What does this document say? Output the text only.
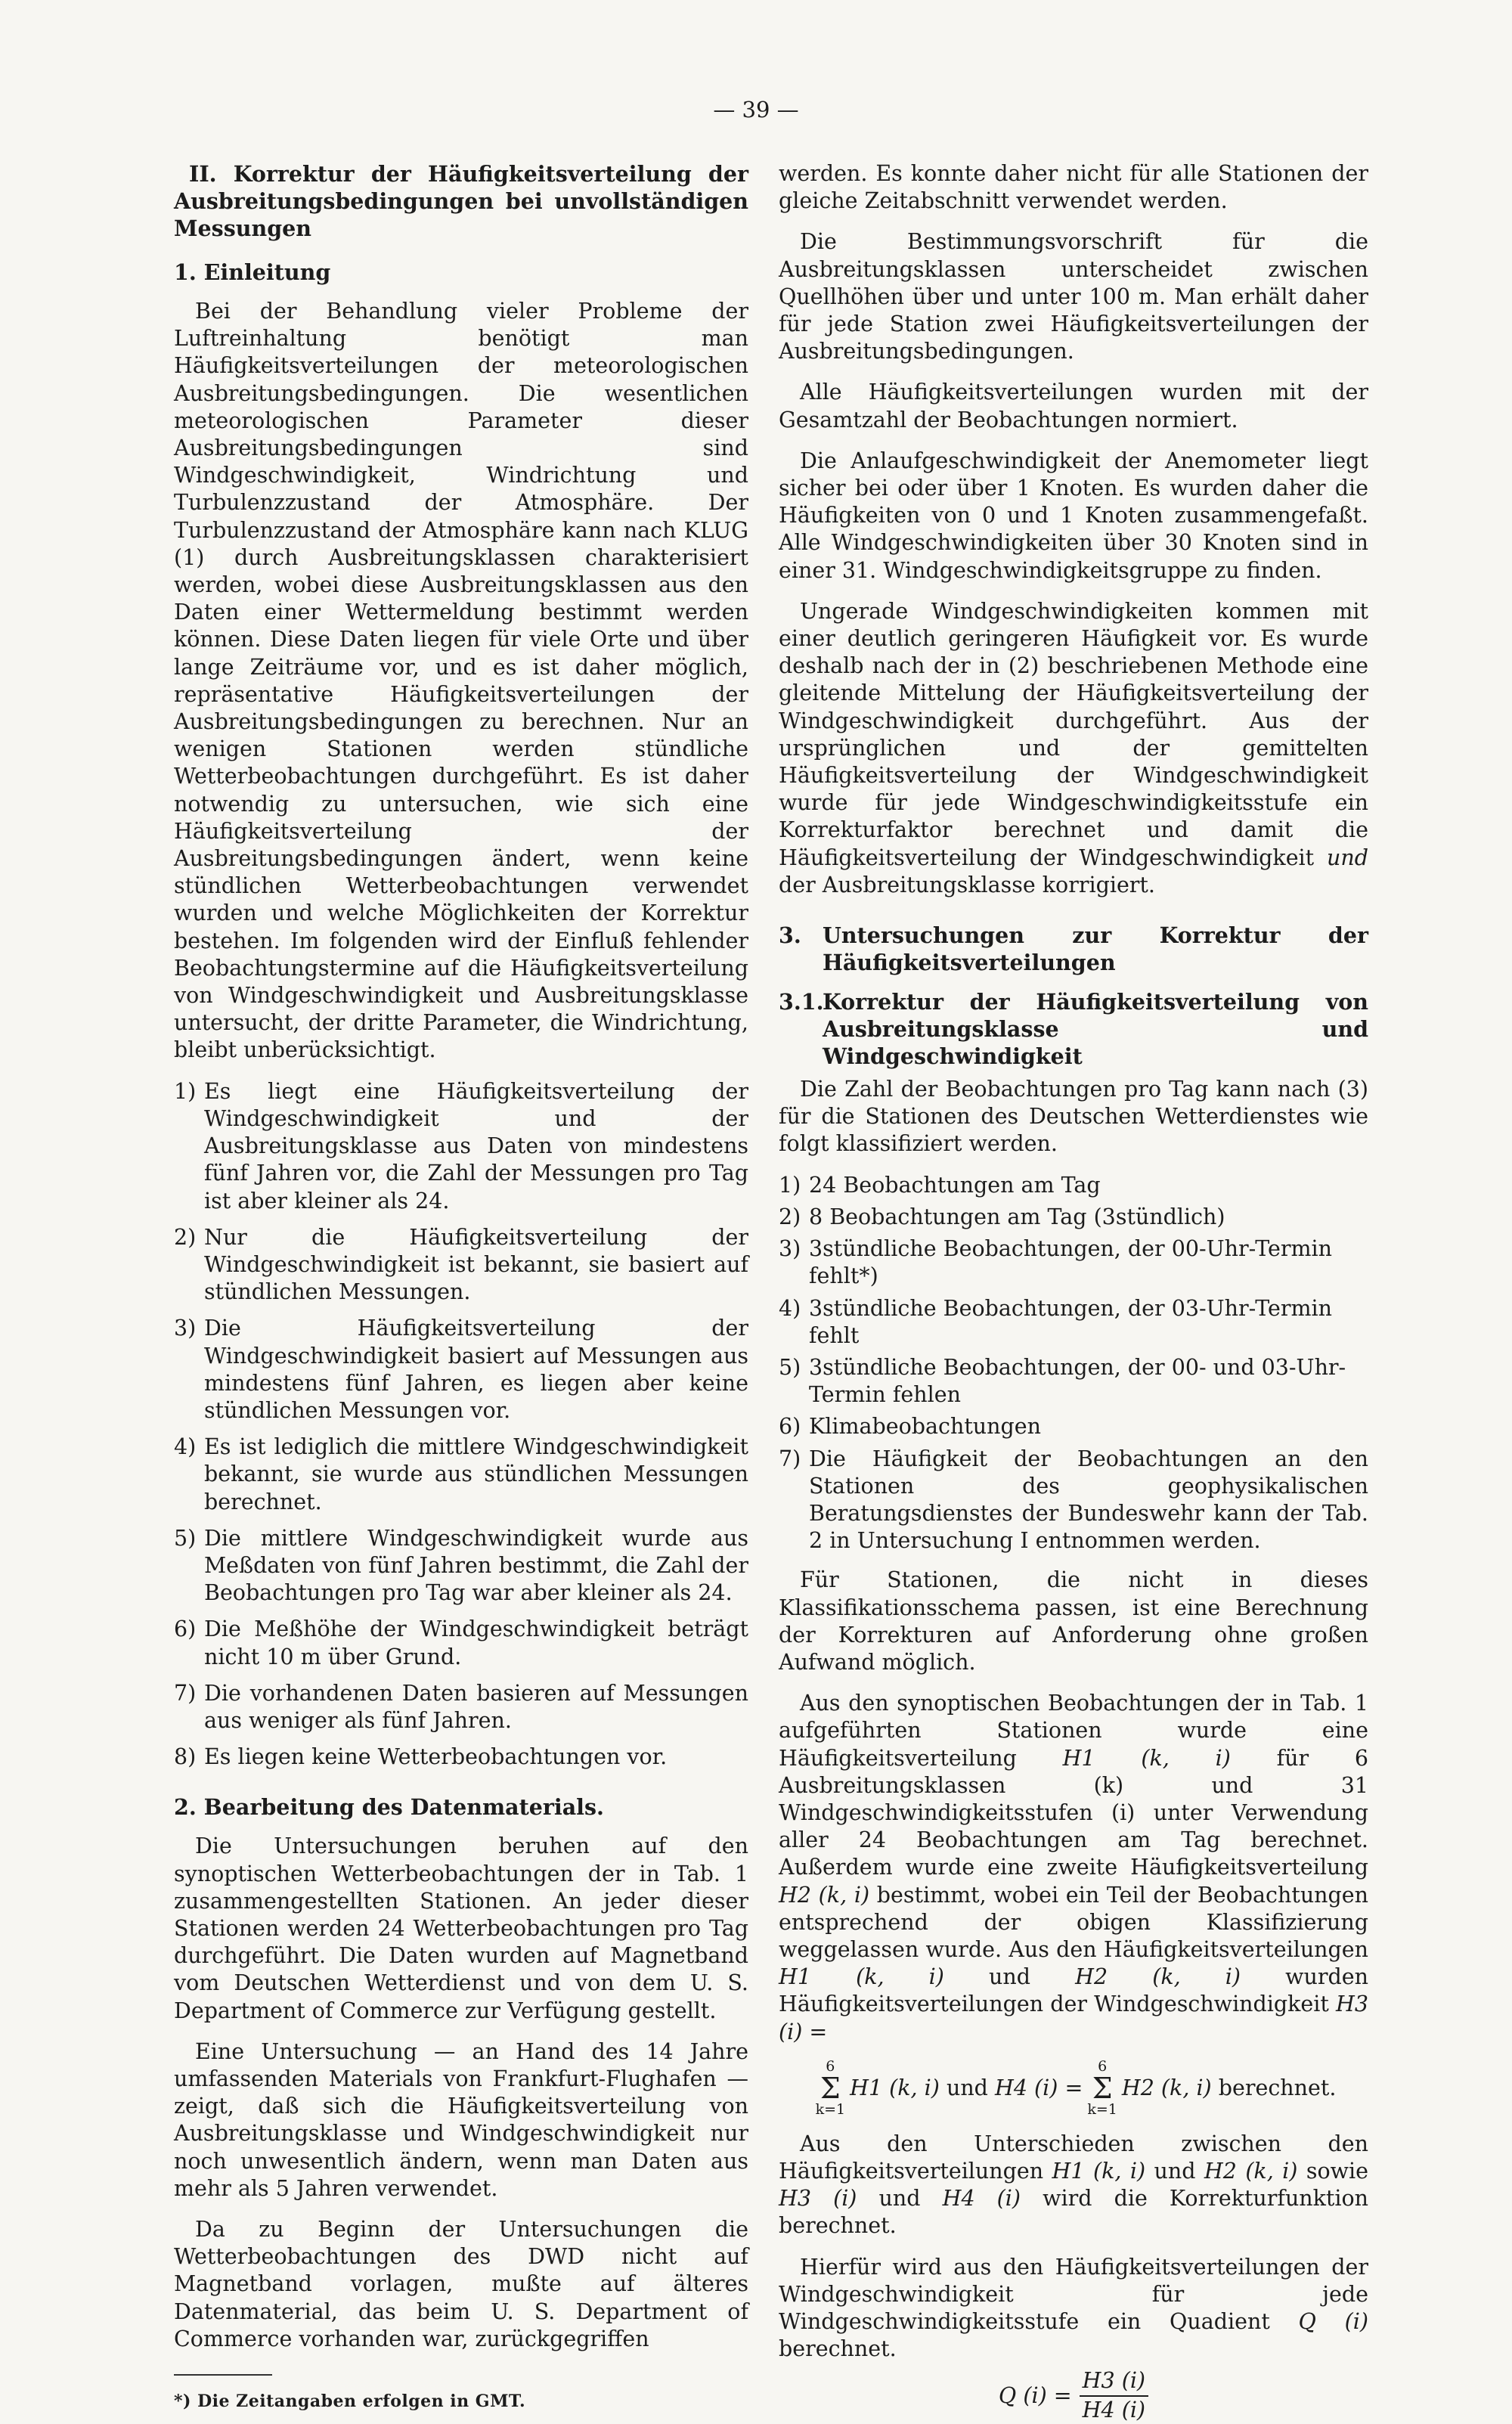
— 39 —
II. Korrektur der Häufigkeitsverteilung der Ausbreitungsbedingungen bei unvollständigen Messungen
1. Einleitung

Bei der Behandlung vieler Probleme der Luftreinhaltung benötigt man Häufigkeitsverteilungen der meteorologischen Ausbreitungsbedingungen. Die wesentlichen meteorologischen Parameter dieser Ausbreitungsbedingungen sind Windgeschwindigkeit, Windrichtung und Turbulenzzustand der Atmosphäre. Der Turbulenzzustand der Atmosphäre kann nach KLUG (1) durch Ausbreitungsklassen charakterisiert werden, wobei diese Ausbreitungsklassen aus den Daten einer Wettermeldung bestimmt werden können. Diese Daten liegen für viele Orte und über lange Zeiträume vor, und es ist daher möglich, repräsentative Häufigkeitsverteilungen der Ausbreitungsbedingungen zu berechnen. Nur an wenigen Stationen werden stündliche Wetterbeobachtungen durchgeführt. Es ist daher notwendig zu untersuchen, wie sich eine Häufigkeitsverteilung der Ausbreitungsbedingungen ändert, wenn keine stündlichen Wetterbeobachtungen verwendet wurden und welche Möglichkeiten der Korrektur bestehen. Im folgenden wird der Einfluß fehlender Beobachtungstermine auf die Häufigkeitsverteilung von Windgeschwindigkeit und Ausbreitungsklasse untersucht, der dritte Parameter, die Windrichtung, bleibt unberücksichtigt.

1) Es liegt eine Häufigkeitsverteilung der Windgeschwindigkeit und der Ausbreitungsklasse aus Daten von mindestens fünf Jahren vor, die Zahl der Messungen pro Tag ist aber kleiner als 24.
2) Nur die Häufigkeitsverteilung der Windgeschwindigkeit ist bekannt, sie basiert auf stündlichen Messungen.
3) Die Häufigkeitsverteilung der Windgeschwindigkeit basiert auf Messungen aus mindestens fünf Jahren, es liegen aber keine stündlichen Messungen vor.
4) Es ist lediglich die mittlere Windgeschwindigkeit bekannt, sie wurde aus stündlichen Messungen berechnet.
5) Die mittlere Windgeschwindigkeit wurde aus Meßdaten von fünf Jahren bestimmt, die Zahl der Beobachtungen pro Tag war aber kleiner als 24.
6) Die Meßhöhe der Windgeschwindigkeit beträgt nicht 10 m über Grund.
7) Die vorhandenen Daten basieren auf Messungen aus weniger als fünf Jahren.
8) Es liegen keine Wetterbeobachtungen vor.
2. Bearbeitung des Datenmaterials.

Die Untersuchungen beruhen auf den synoptischen Wetterbeobachtungen der in Tab. 1 zusammengestellten Stationen. An jeder dieser Stationen werden 24 Wetterbeobachtungen pro Tag durchgeführt. Die Daten wurden auf Magnetband vom Deutschen Wetterdienst und von dem U. S. Department of Commerce zur Verfügung gestellt.

Eine Untersuchung — an Hand des 14 Jahre umfassenden Materials von Frankfurt-Flughafen — zeigt, daß sich die Häufigkeitsverteilung von Ausbreitungsklasse und Windgeschwindigkeit nur noch unwesentlich ändern, wenn man Daten aus mehr als 5 Jahren verwendet.

Da zu Beginn der Untersuchungen die Wetterbeobachtungen des DWD nicht auf Magnetband vorlagen, mußte auf älteres Datenmaterial, das beim U. S. Department of Commerce vorhanden war, zurückgegriffen

*) Die Zeitangaben erfolgen in GMT.

werden. Es konnte daher nicht für alle Stationen der gleiche Zeitabschnitt verwendet werden.

Die Bestimmungsvorschrift für die Ausbreitungsklassen unterscheidet zwischen Quellhöhen über und unter 100 m. Man erhält daher für jede Station zwei Häufigkeitsverteilungen der Ausbreitungsbedingungen.

Alle Häufigkeitsverteilungen wurden mit der Gesamtzahl der Beobachtungen normiert.

Die Anlaufgeschwindigkeit der Anemometer liegt sicher bei oder über 1 Knoten. Es wurden daher die Häufigkeiten von 0 und 1 Knoten zusammengefaßt. Alle Windgeschwindigkeiten über 30 Knoten sind in einer 31. Windgeschwindigkeitsgruppe zu finden.

Ungerade Windgeschwindigkeiten kommen mit einer deutlich geringeren Häufigkeit vor. Es wurde deshalb nach der in (2) beschriebenen Methode eine gleitende Mittelung der Häufigkeitsverteilung der Windgeschwindigkeit durchgeführt. Aus der ursprünglichen und der gemittelten Häufigkeitsverteilung der Windgeschwindigkeit wurde für jede Windgeschwindigkeitsstufe ein Korrekturfaktor berechnet und damit die Häufigkeitsverteilung der Windgeschwindigkeit und der Ausbreitungsklasse korrigiert.

3. Untersuchungen zur Korrektur der Häufigkeitsverteilungen
3.1.Korrektur der Häufigkeitsverteilung von Ausbreitungsklasse und Windgeschwindigkeit

Die Zahl der Beobachtungen pro Tag kann nach (3) für die Stationen des Deutschen Wetterdienstes wie folgt klassifiziert werden.

1) 24 Beobachtungen am Tag
2) 8 Beobachtungen am Tag (3stündlich)
3) 3stündliche Beobachtungen, der 00-Uhr-Termin fehlt*)
4) 3stündliche Beobachtungen, der 03-Uhr-Termin fehlt
5) 3stündliche Beobachtungen, der 00- und 03-Uhr-Termin fehlen
6) Klimabeobachtungen
7) Die Häufigkeit der Beobachtungen an den Stationen des geophysikalischen Beratungsdienstes der Bundeswehr kann der Tab. 2 in Untersuchung I entnommen werden.

Für Stationen, die nicht in dieses Klassifikationsschema passen, ist eine Berechnung der Korrekturen auf Anforderung ohne großen Aufwand möglich.

Aus den synoptischen Beobachtungen der in Tab. 1 aufgeführten Stationen wurde eine Häufigkeitsverteilung H1 (k, i) für 6 Ausbreitungsklassen (k) und 31 Windgeschwindigkeitsstufen (i) unter Verwendung aller 24 Beobachtungen am Tag berechnet. Außerdem wurde eine zweite Häufigkeitsverteilung H2 (k, i) bestimmt, wobei ein Teil der Beobachtungen entsprechend der obigen Klassifizierung weggelassen wurde. Aus den Häufigkeitsverteilungen H1 (k, i) und H2 (k, i) wurden Häufigkeitsverteilungen der Windgeschwindigkeit H3 (i) =

6
Σ
k=1
H1 (k, i)
und
H4 (i) =
6
Σ
k=1
H2 (k, i)
berechnet.

Aus den Unterschieden zwischen den Häufigkeitsverteilungen H1 (k, i) und H2 (k, i) sowie H3 (i) und H4 (i) wird die Korrekturfunktion berechnet.

Hierfür wird aus den Häufigkeitsverteilungen der Windgeschwindigkeit für jede Windgeschwindigkeitsstufe ein Quadient Q (i) berechnet.

Q $(i) = \frac{H3 (i)}{H4 (i)}$
